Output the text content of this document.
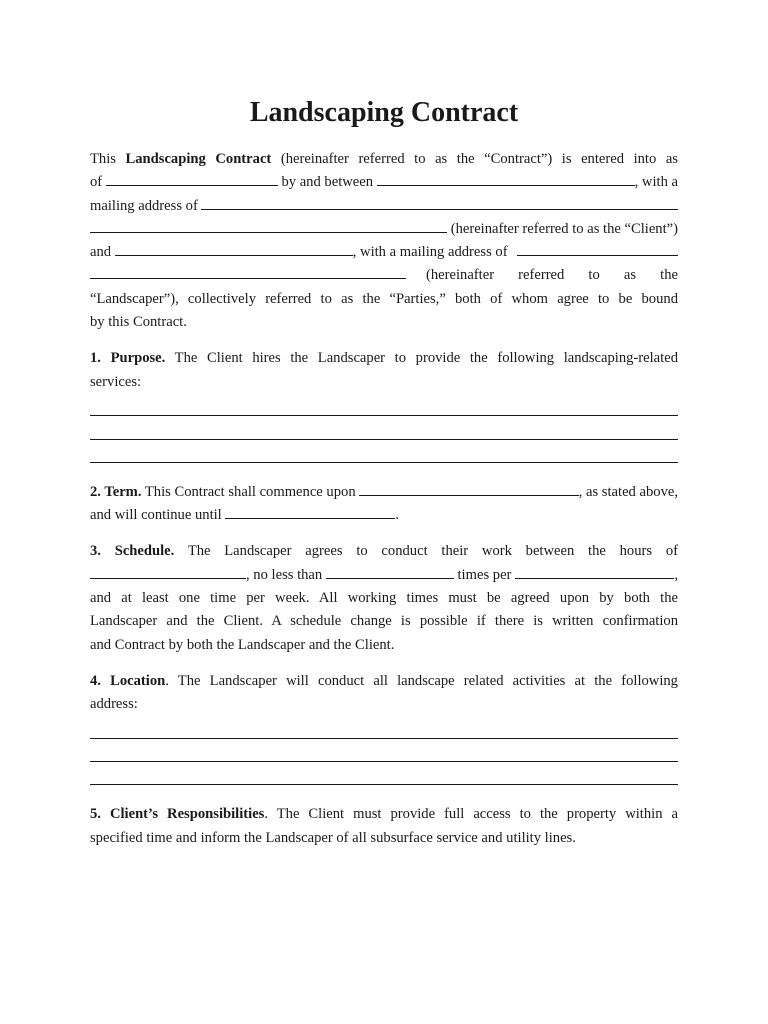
Landscaping Contract

This Landscaping Contract (hereinafter referred to as the “Contract”) is entered into as

of	by and between	, with a
mailing address of
(hereinafter referred to as the “Client”)
and	, with a mailing address of
(hereinafter referred to as the

“Landscaper”), collectively referred to as the “Parties,” both of whom agree to be bound

by this Contract.

1. Purpose. The Client hires the Landscaper to provide the following landscaping-related

services:

2. Term. This Contract shall commence upon	, as stated above,
and will continue until	.

3. Schedule. The Landscaper agrees to conduct their work between the hours of

, no less than	times per	,

and at least one time per week. All working times must be agreed upon by both the

Landscaper and the Client. A schedule change is possible if there is written confirmation

and Contract by both the Landscaper and the Client.

4. Location. The Landscaper will conduct all landscape related activities at the following

address:

5. Client’s Responsibilities. The Client must provide full access to the property within a

specified time and inform the Landscaper of all subsurface service and utility lines.
